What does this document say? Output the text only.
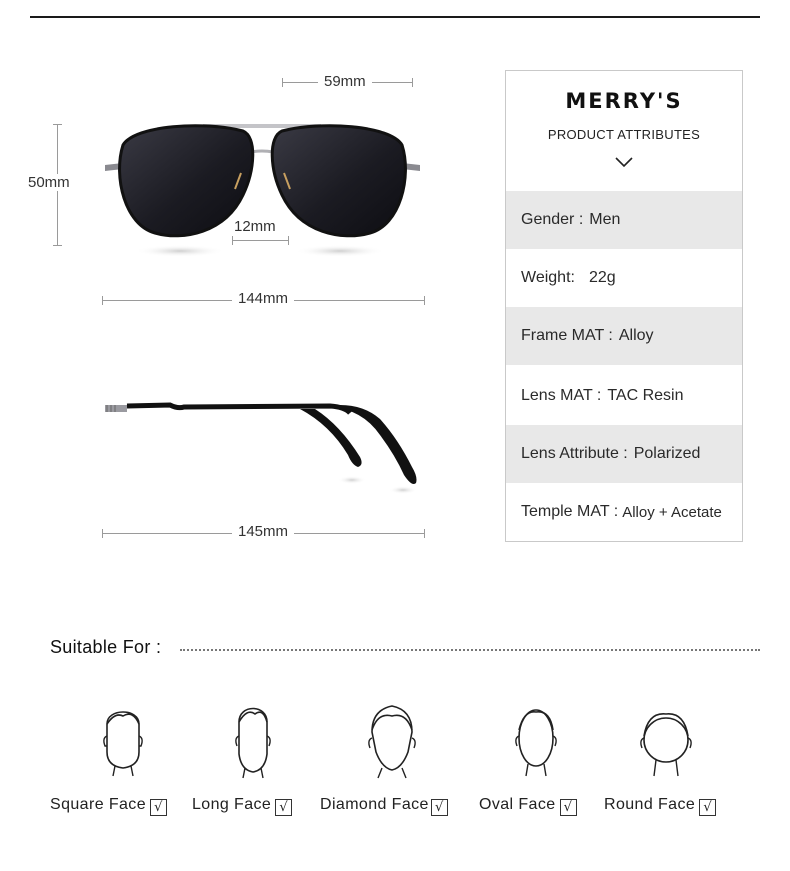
59mm
50mm
12mm
144mm
145mm
MERRY'S
PRODUCT ATTRIBUTES
Gender : Men
Weight: 22g
Frame MAT : Alloy
Lens MAT : TAC Resin
Lens Attribute : Polarized
Temple MAT : Alloy + Acetate
Suitable For :
Square Face √ Long Face √ Diamond Face √ Oval Face √ Round Face √
